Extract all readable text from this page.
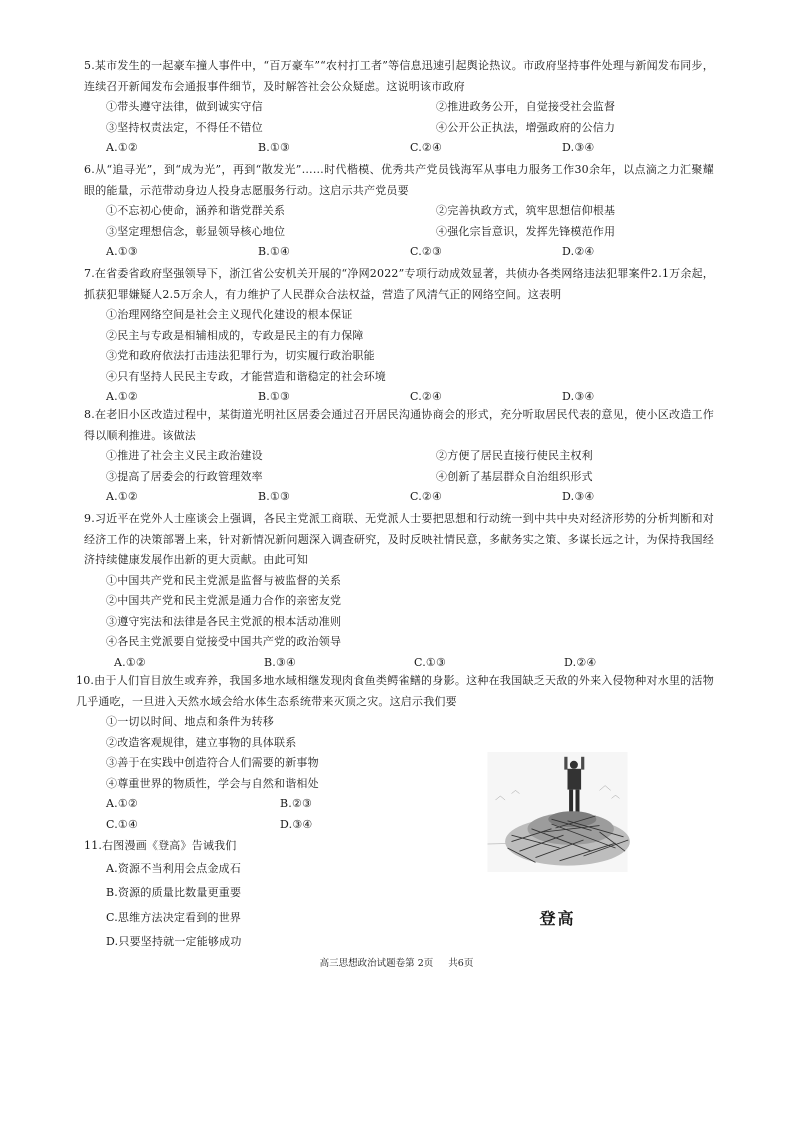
5.某市发生的一起豪车撞人事件中，“百万豪车”“农村打工者”等信息迅速引起舆论热议。市政府坚持事件处理与新闻发布同步，连续召开新闻发布会通报事件细节，及时解答社会公众疑虑。这说明该市政府

①带头遵守法律，做到诚实守信	②推进政务公开，自觉接受社会监督
③坚持权责法定，不得任不错位	④公开公正执法，增强政府的公信力
A.①②	B.①③	C.②④	D.③④

6.从“追寻光”，到“成为光”，再到“散发光”……时代楷模、优秀共产党员钱海军从事电力服务工作30余年，以点滴之力汇聚耀眼的能量，示范带动身边人投身志愿服务行动。这启示共产党员要

①不忘初心使命，涵养和谐党群关系	②完善执政方式，筑牢思想信仰根基
③坚定理想信念，彰显领导核心地位	④强化宗旨意识，发挥先锋模范作用
A.①③	B.①④	C.②③	D.②④

7.在省委省政府坚强领导下，浙江省公安机关开展的“净网2022”专项行动成效显著，共侦办各类网络违法犯罪案件2.1万余起，抓获犯罪嫌疑人2.5万余人，有力维护了人民群众合法权益，营造了风清气正的网络空间。这表明

①治理网络空间是社会主义现代化建设的根本保证

②民主与专政是相辅相成的，专政是民主的有力保障

③党和政府依法打击违法犯罪行为，切实履行政治职能

④只有坚持人民民主专政，才能营造和谐稳定的社会环境

A.①②	B.①③	C.②④	D.③④

8.在老旧小区改造过程中，某街道光明社区居委会通过召开居民沟通协商会的形式，充分听取居民代表的意见，使小区改造工作得以顺利推进。该做法

①推进了社会主义民主政治建设	②方便了居民直接行使民主权利
③提高了居委会的行政管理效率	④创新了基层群众自治组织形式
A.①②	B.①③	C.②④	D.③④

9.习近平在党外人士座谈会上强调，各民主党派工商联、无党派人士要把思想和行动统一到中共中央对经济形势的分析判断和对经济工作的决策部署上来，针对新情况新问题深入调查研究，及时反映社情民意，多献务实之策、多谋长远之计，为保持我国经济持续健康发展作出新的更大贡献。由此可知

①中国共产党和民主党派是监督与被监督的关系

②中国共产党和民主党派是通力合作的亲密友党

③遵守宪法和法律是各民主党派的根本活动准则

④各民主党派要自觉接受中国共产党的政治领导

A.①②	B.③④	C.①③	D.②④

10.由于人们盲目放生或弃养，我国多地水域相继发现肉食鱼类鳄雀鳝的身影。这种在我国缺乏天敌的外来入侵物种对水里的活物几乎通吃，一旦进入天然水域会给水体生态系统带来灭顶之灾。这启示我们要

①一切以时间、地点和条件为转移

②改造客观规律，建立事物的具体联系

③善于在实践中创造符合人们需要的新事物

④尊重世界的物质性，学会与自然和谐相处

A.①②	B.②③
C.①④	D.③④

11.右图漫画《登高》告诫我们

A.资源不当利用会点金成石
B.资源的质量比数量更重要
C.思维方法决定看到的世界
D.只要坚持就一定能够成功
登高
高三思想政治试题卷第 2页 共6页
